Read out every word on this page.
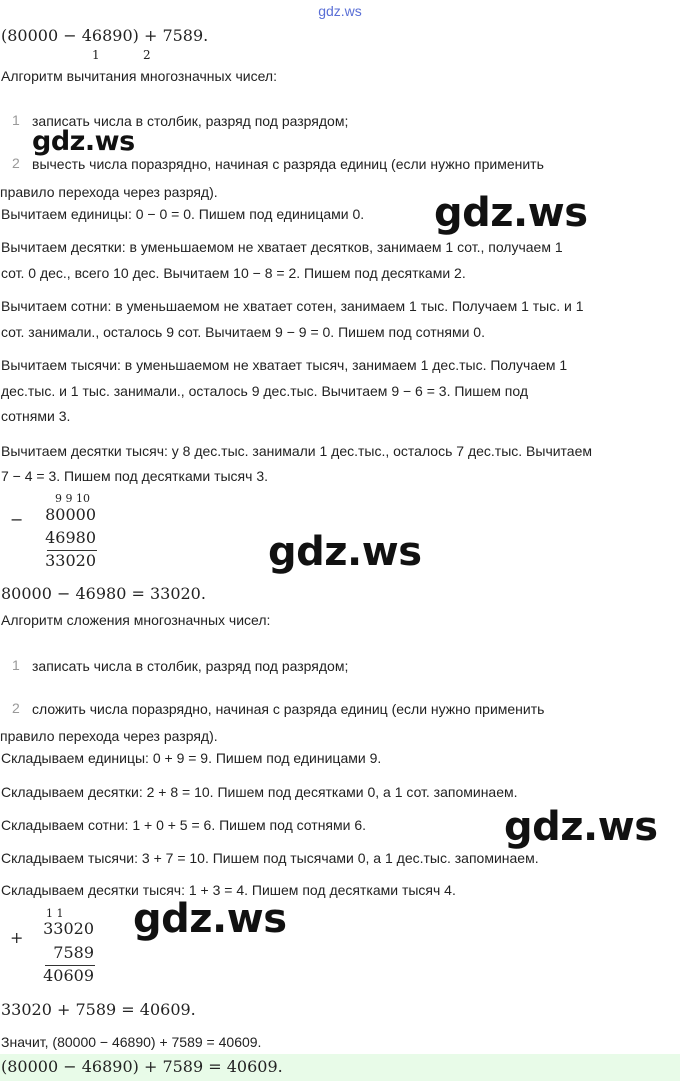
gdz.ws
(80000 − 46890) + 7589.
1	2
Алгоритм вычитания многозначных чисел:
1 записать числа в столбик, разряд под разрядом;
2 вычесть числа поразрядно, начиная с разряда единиц (если нужно применить
правило перехода через разряд).
Вычитаем единицы: 0 − 0 = 0. Пишем под единицами 0.
Вычитаем десятки: в уменьшаемом не хватает десятков, занимаем 1 сот., получаем 1
сот. 0 дес., всего 10 дес. Вычитаем 10 − 8 = 2. Пишем под десятками 2.
Вычитаем сотни: в уменьшаемом не хватает сотен, занимаем 1 тыс. Получаем 1 тыс. и 1
сот. занимали., осталось 9 сот. Вычитаем 9 − 9 = 0. Пишем под сотнями 0.
Вычитаем тысячи: в уменьшаемом не хватает тысяч, занимаем 1 дес.тыс. Получаем 1
дес.тыс. и 1 тыс. занимали., осталось 9 дес.тыс. Вычитаем 9 − 6 = 3. Пишем под
сотнями 3.
Вычитаем десятки тысяч: у 8 дес.тыс. занимали 1 дес.тыс., осталось 7 дес.тыс. Вычитаем
7 − 4 = 3. Пишем под десятками тысяч 3.
−
9 9 10
80000
46980
33020
80000 − 46980 = 33020.
Алгоритм сложения многозначных чисел:
1 записать числа в столбик, разряд под разрядом;
2 сложить числа поразрядно, начиная с разряда единиц (если нужно применить
правило перехода через разряд).
Складываем единицы: 0 + 9 = 9. Пишем под единицами 9.
Складываем десятки: 2 + 8 = 10. Пишем под десятками 0, а 1 сот. запоминаем.
Складываем сотни: 1 + 0 + 5 = 6. Пишем под сотнями 6.
Складываем тысячи: 3 + 7 = 10. Пишем под тысячами 0, а 1 дес.тыс. запоминаем.
Складываем десятки тысяч: 1 + 3 = 4. Пишем под десятками тысяч 4.
+
1 1
33020
7589
40609
33020 + 7589 = 40609.
Значит, (80000 − 46890) + 7589 = 40609.
(80000 − 46890) + 7589 = 40609.
gdz.ws
gdz.ws
gdz.ws
gdz.ws
gdz.ws
